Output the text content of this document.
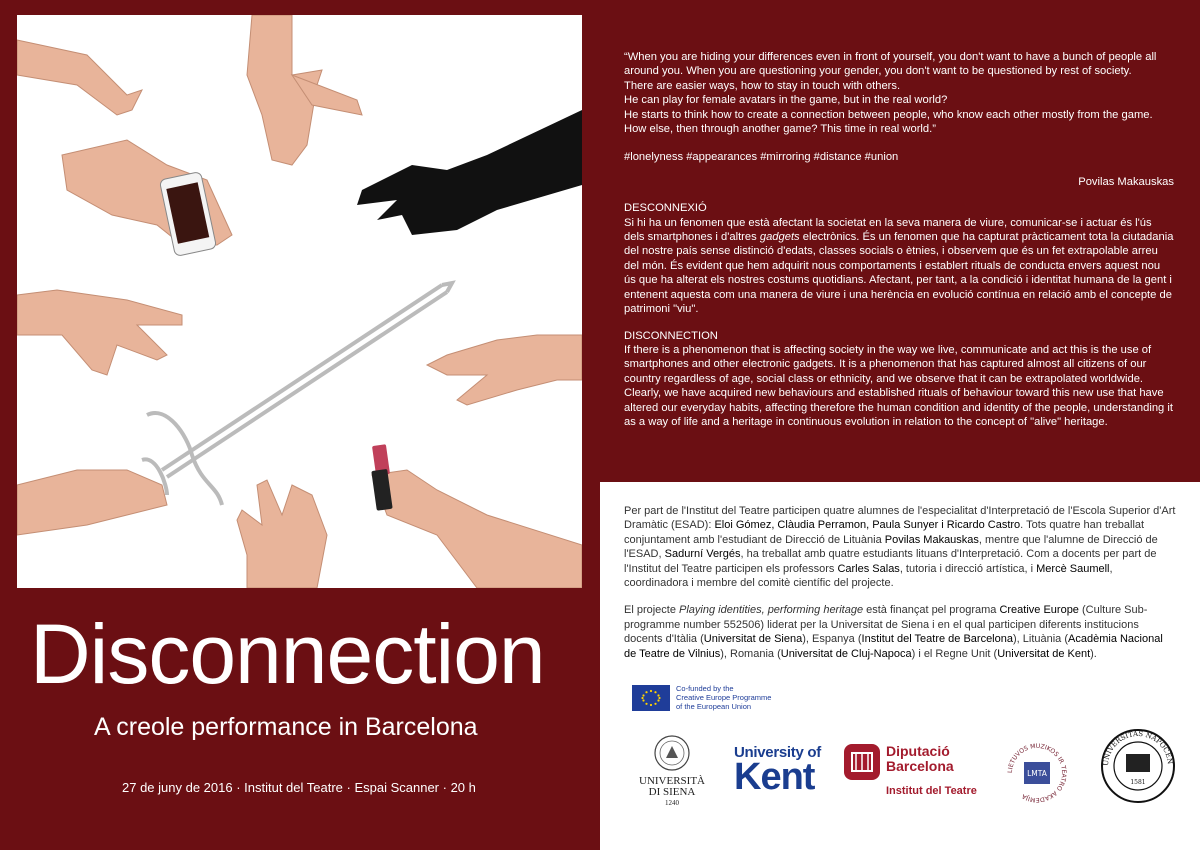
Disconnection
A creole performance in Barcelona
27 de juny de 2016 · Institut del Teatre · Espai Scanner · 20 h

“When you are hiding your differences even in front of yourself, you don't want to have a bunch of people all around you. When you are questioning your gender, you don't want to be questioned by rest of society.
There are easier ways, how to stay in touch with others.
He can play for female avatars in the game, but in the real world?
He starts to think how to create a connection between people, who know each other mostly from the game. How else, then through another game? This time in real world.”

#lonelyness #appearances #mirroring #distance #union

Povilas Makauskas

DESCONNEXIÓ

Si hi ha un fenomen que està afectant la societat en la seva manera de viure, comunicar-se i actuar és l'ús dels smartphones i d'altres gadgets electrònics. És un fenomen que ha capturat pràcticament tota la ciutadania del nostre país sense distinció d'edats, classes socials o ètnies, i observem que és un fet extrapolable arreu del món. És evident que hem adquirit nous comportaments i establert rituals de conducta envers aquest nou ús que ha alterat els nostres costums quotidians. Afectant, per tant, a la condició i identitat humana de la gent i entenent aquesta com una manera de viure i una herència en evolució contínua en relació amb el concepte de patrimoni "viu".

DISCONNECTION

If there is a phenomenon that is affecting society in the way we live, communicate and act this is the use of smartphones and other electronic gadgets. It is a phenomenon that has captured almost all citizens of our country regardless of age, social class or ethnicity, and we observe that it can be extrapolated worldwide. Clearly, we have acquired new behaviours and established rituals of behaviour toward this new use that have altered our everyday habits, affecting therefore the human condition and identity of the people, understanding it as a way of life and a heritage in continuous evolution in relation to the concept of "alive" heritage.

Per part de l'Institut del Teatre participen quatre alumnes de l'especialitat d'Interpretació de l'Escola Superior d'Art Dramàtic (ESAD): Eloi Gómez, Clàudia Perramon, Paula Sunyer i Ricardo Castro. Tots quatre han treballat conjuntament amb l'estudiant de Direcció de Lituània Povilas Makauskas, mentre que l'alumne de Direcció de l'ESAD, Sadurní Vergés, ha treballat amb quatre estudiants lituans d'Interpretació. Com a docents per part de l'Institut del Teatre participen els professors Carles Salas, tutoria i direcció artística, i Mercè Saumell, coordinadora i membre del comitè científic del projecte.

El projecte Playing identities, performing heritage està finançat pel programa Creative Europe (Culture Sub-programme number 552506) liderat per la Universitat de Siena i en el qual participen diferents institucions docents d'Itàlia (Universitat de Siena), Espanya (Institut del Teatre de Barcelona), Lituània (Acadèmia Nacional de Teatre de Vilnius), Romania (Universitat de Cluj-Napoca) i el Regne Unit (Universitat de Kent).

Co-funded by the
Creative Europe Programme
of the European Union
UNIVERSITÀ
DI SIENA
1240
University of
Kent
Diputació
Barcelona
Institut del Teatre
LIETUVOS MUZIKOS IR TEATRO AKADEMIJA
LMTA
UNIVERSITAS NAPOCEN
1581
